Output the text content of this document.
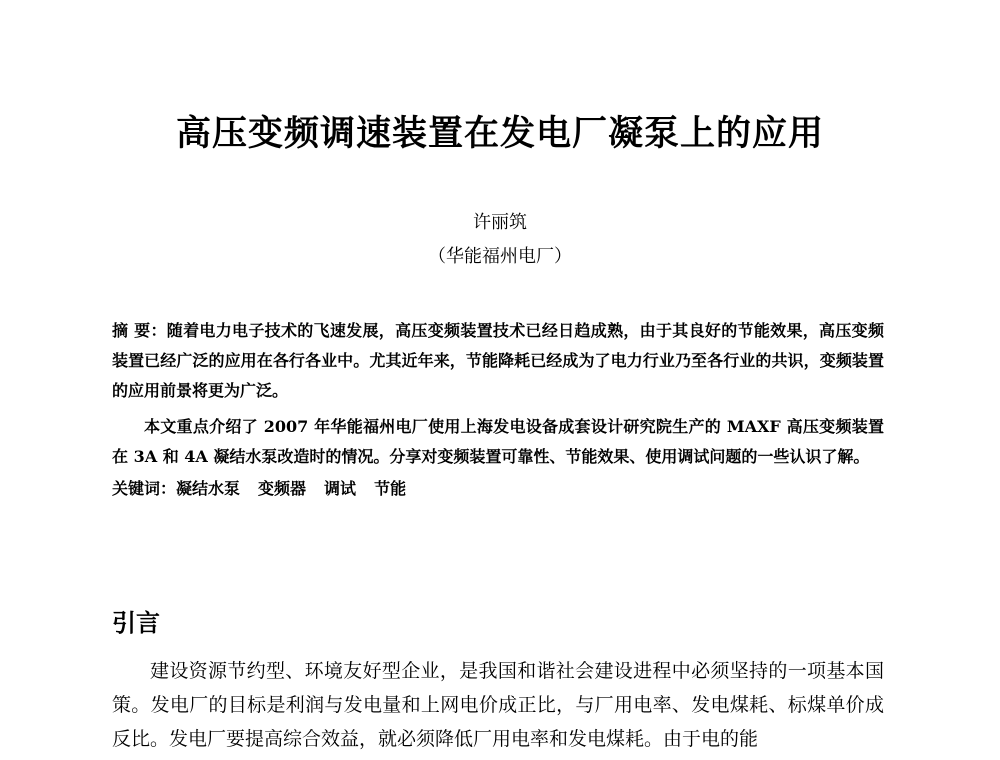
高压变频调速装置在发电厂凝泵上的应用
许丽筑
（华能福州电厂）

摘 要：随着电力电子技术的飞速发展，高压变频装置技术已经日趋成熟，由于其良好的节能效果，高压变频装置已经广泛的应用在各行各业中。尤其近年来，节能降耗已经成为了电力行业乃至各行业的共识，变频装置的应用前景将更为广泛。

本文重点介绍了 2007 年华能福州电厂使用上海发电设备成套设计研究院生产的 MAXF 高压变频装置在 3A 和 4A 凝结水泵改造时的情况。分享对变频装置可靠性、节能效果、使用调试问题的一些认识了解。

关键词：凝结水泵 变频器 调试 节能

引言

建设资源节约型、环境友好型企业，是我国和谐社会建设进程中必须坚持的一项基本国策。发电厂的目标是利润与发电量和上网电价成正比，与厂用电率、发电煤耗、标煤单价成反比。发电厂要提高综合效益，就必须降低厂用电率和发电煤耗。由于电的能
